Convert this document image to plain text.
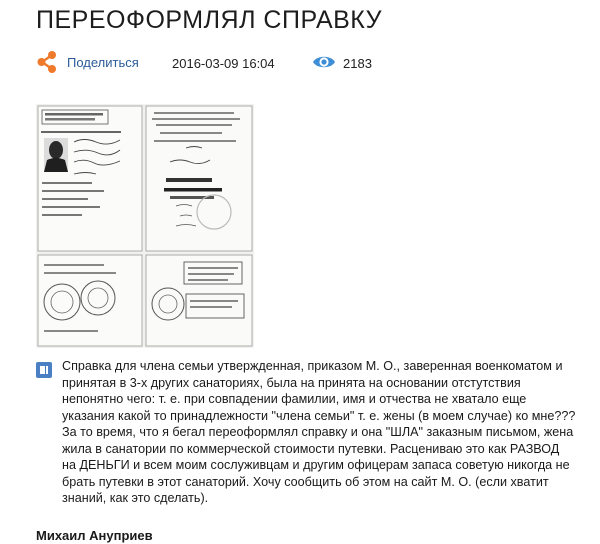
ПЕРЕОФОРМЛЯЛ СПРАВКУ
Поделиться	2016-03-09 16:04	2183

Справка для члена семьи утвержденная, приказом М. О., заверенная военкоматом и принятая в 3-х других санаториях, была на принята на основании отстутствия непонятно чего: т. е. при совпадении фамилии, имя и отчества не хватало еще указания какой то принадлежности "члена семьи" т. е. жены (в моем случае) ко мне??? За то время, что я бегал переоформлял справку и она "ШЛА" заказным письмом, жена жила в санатории по коммерческой стоимости путевки. Расцениваю это как РАЗВОД на ДЕНЬГИ и всем моим сослуживцам и другим офицерам запаса советую никогда не брать путевки в этот санаторий. Хочу сообщить об этом на сайт М. О. (если хватит знаний, как это сделать).

Михаил Ануприев
